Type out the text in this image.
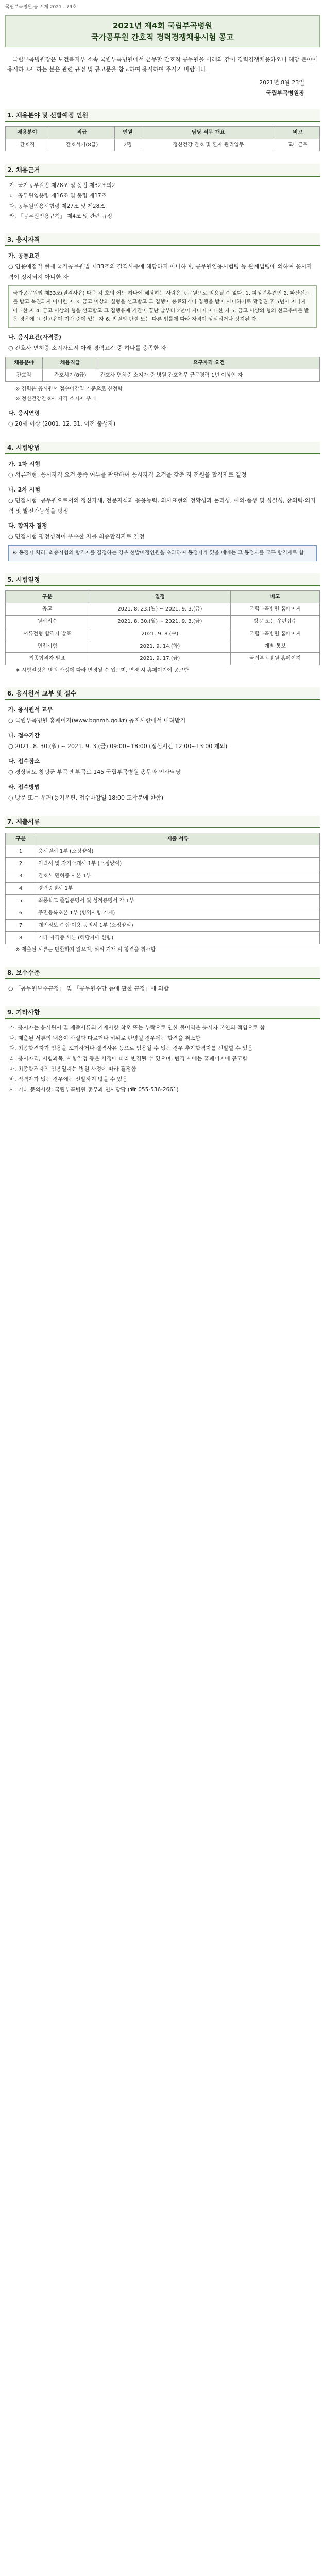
국립부곡병원 공고 제 2021 - 79호
2021년 제4회 국립부곡병원
국가공무원 간호직 경력경쟁채용시험 공고
국립부곡병원장은 보건복지부 소속 국립부곡병원에서 근무할 간호직 공무원을 아래와 같이 경력경쟁채용하오니 해당 분야에 응시하고자 하는 분은 관련 규정 및 공고문을 참고하여 응시하여 주시기 바랍니다.
2021년 8월 23일
국립부곡병원장
1. 채용분야 및 선발예정 인원
채용분야	직급	인원	담당 직무 개요	비고
간호직	간호서기(8급)	2명	정신건강 간호 및 환자 관리업무	교대근무
2. 채용근거
가. 국가공무원법 제28조 및 동법 제32조의2
나. 공무원임용령 제16조 및 동령 제17조
다. 공무원임용시험령 제27조 및 제28조
라. 「공무원임용규칙」 제4조 및 관련 규정
3. 응시자격
가. 공통요건
○ 임용예정일 현재 국가공무원법 제33조의 결격사유에 해당하지 아니하며, 공무원임용시험령 등 관계법령에 의하여 응시자격이 정지되지 아니한 자
국가공무원법 제33조(결격사유) 다음 각 호의 어느 하나에 해당하는 사람은 공무원으로 임용될 수 없다. 1. 피성년후견인 2. 파산선고를 받고 복권되지 아니한 자 3. 금고 이상의 실형을 선고받고 그 집행이 종료되거나 집행을 받지 아니하기로 확정된 후 5년이 지나지 아니한 자 4. 금고 이상의 형을 선고받고 그 집행유예 기간이 끝난 날부터 2년이 지나지 아니한 자 5. 금고 이상의 형의 선고유예를 받은 경우에 그 선고유예 기간 중에 있는 자 6. 법원의 판결 또는 다른 법률에 따라 자격이 상실되거나 정지된 자
나. 응시요건(자격증)
○ 간호사 면허증 소지자로서 아래 경력요건 중 하나를 충족한 자
채용분야	채용직급	요구자격 요건
간호직	간호서기(8급)	간호사 면허증 소지자 중 병원 간호업무 근무경력 1년 이상인 자
※ 경력은 응시원서 접수마감일 기준으로 산정함
※ 정신건강간호사 자격 소지자 우대
다. 응시연령
○ 20세 이상 (2001. 12. 31. 이전 출생자)
4. 시험방법
가. 1차 시험
○ 서류전형: 응시자격 요건 충족 여부를 판단하여 응시자격 요건을 갖춘 자 전원을 합격자로 결정
나. 2차 시험
○ 면접시험: 공무원으로서의 정신자세, 전문지식과 응용능력, 의사표현의 정확성과 논리성, 예의·품행 및 성실성, 창의력·의지력 및 발전가능성을 평정
다. 합격자 결정
○ 면접시험 평정성적이 우수한 자를 최종합격자로 결정
※ 동점자 처리: 최종시험의 합격자를 결정하는 경우 선발예정인원을 초과하여 동점자가 있을 때에는 그 동점자를 모두 합격자로 함
5. 시험일정
구분	일정	비고
공고	2021. 8. 23.(월) ~ 2021. 9. 3.(금)	국립부곡병원 홈페이지
원서접수	2021. 8. 30.(월) ~ 2021. 9. 3.(금)	방문 또는 우편접수
서류전형 합격자 발표	2021. 9. 8.(수)	국립부곡병원 홈페이지
면접시험	2021. 9. 14.(화)	개별 통보
최종합격자 발표	2021. 9. 17.(금)	국립부곡병원 홈페이지
※ 시험일정은 병원 사정에 따라 변경될 수 있으며, 변경 시 홈페이지에 공고함
6. 응시원서 교부 및 접수
가. 응시원서 교부
○ 국립부곡병원 홈페이지(www.bgnmh.go.kr) 공지사항에서 내려받기
나. 접수기간
○ 2021. 8. 30.(월) ~ 2021. 9. 3.(금) 09:00~18:00 (점심시간 12:00~13:00 제외)
다. 접수장소
○ 경상남도 창녕군 부곡면 부곡로 145 국립부곡병원 총무과 인사담당
라. 접수방법
○ 방문 또는 우편(등기우편, 접수마감일 18:00 도착분에 한함)
7. 제출서류
구분	제출 서류
1	응시원서 1부 (소정양식)
2	이력서 및 자기소개서 1부 (소정양식)
3	간호사 면허증 사본 1부
4	경력증명서 1부
5	최종학교 졸업증명서 및 성적증명서 각 1부
6	주민등록초본 1부 (병역사항 기재)
7	개인정보 수집·이용 동의서 1부 (소정양식)
8	기타 자격증 사본 (해당자에 한함)
※ 제출된 서류는 반환하지 않으며, 허위 기재 시 합격을 취소함
8. 보수수준
○ 「공무원보수규정」 및 「공무원수당 등에 관한 규정」에 의함
9. 기타사항
가. 응시자는 응시원서 및 제출서류의 기재사항 착오 또는 누락으로 인한 불이익은 응시자 본인의 책임으로 함
나. 제출된 서류의 내용이 사실과 다르거나 허위로 판명될 경우에는 합격을 취소함
다. 최종합격자가 임용을 포기하거나 결격사유 등으로 임용될 수 없는 경우 추가합격자를 선발할 수 있음
라. 응시자격, 시험과목, 시험일정 등은 사정에 따라 변경될 수 있으며, 변경 시에는 홈페이지에 공고함
마. 최종합격자의 임용일자는 병원 사정에 따라 결정함
바. 적격자가 없는 경우에는 선발하지 않을 수 있음
사. 기타 문의사항: 국립부곡병원 총무과 인사담당 (☎ 055-536-2661)
